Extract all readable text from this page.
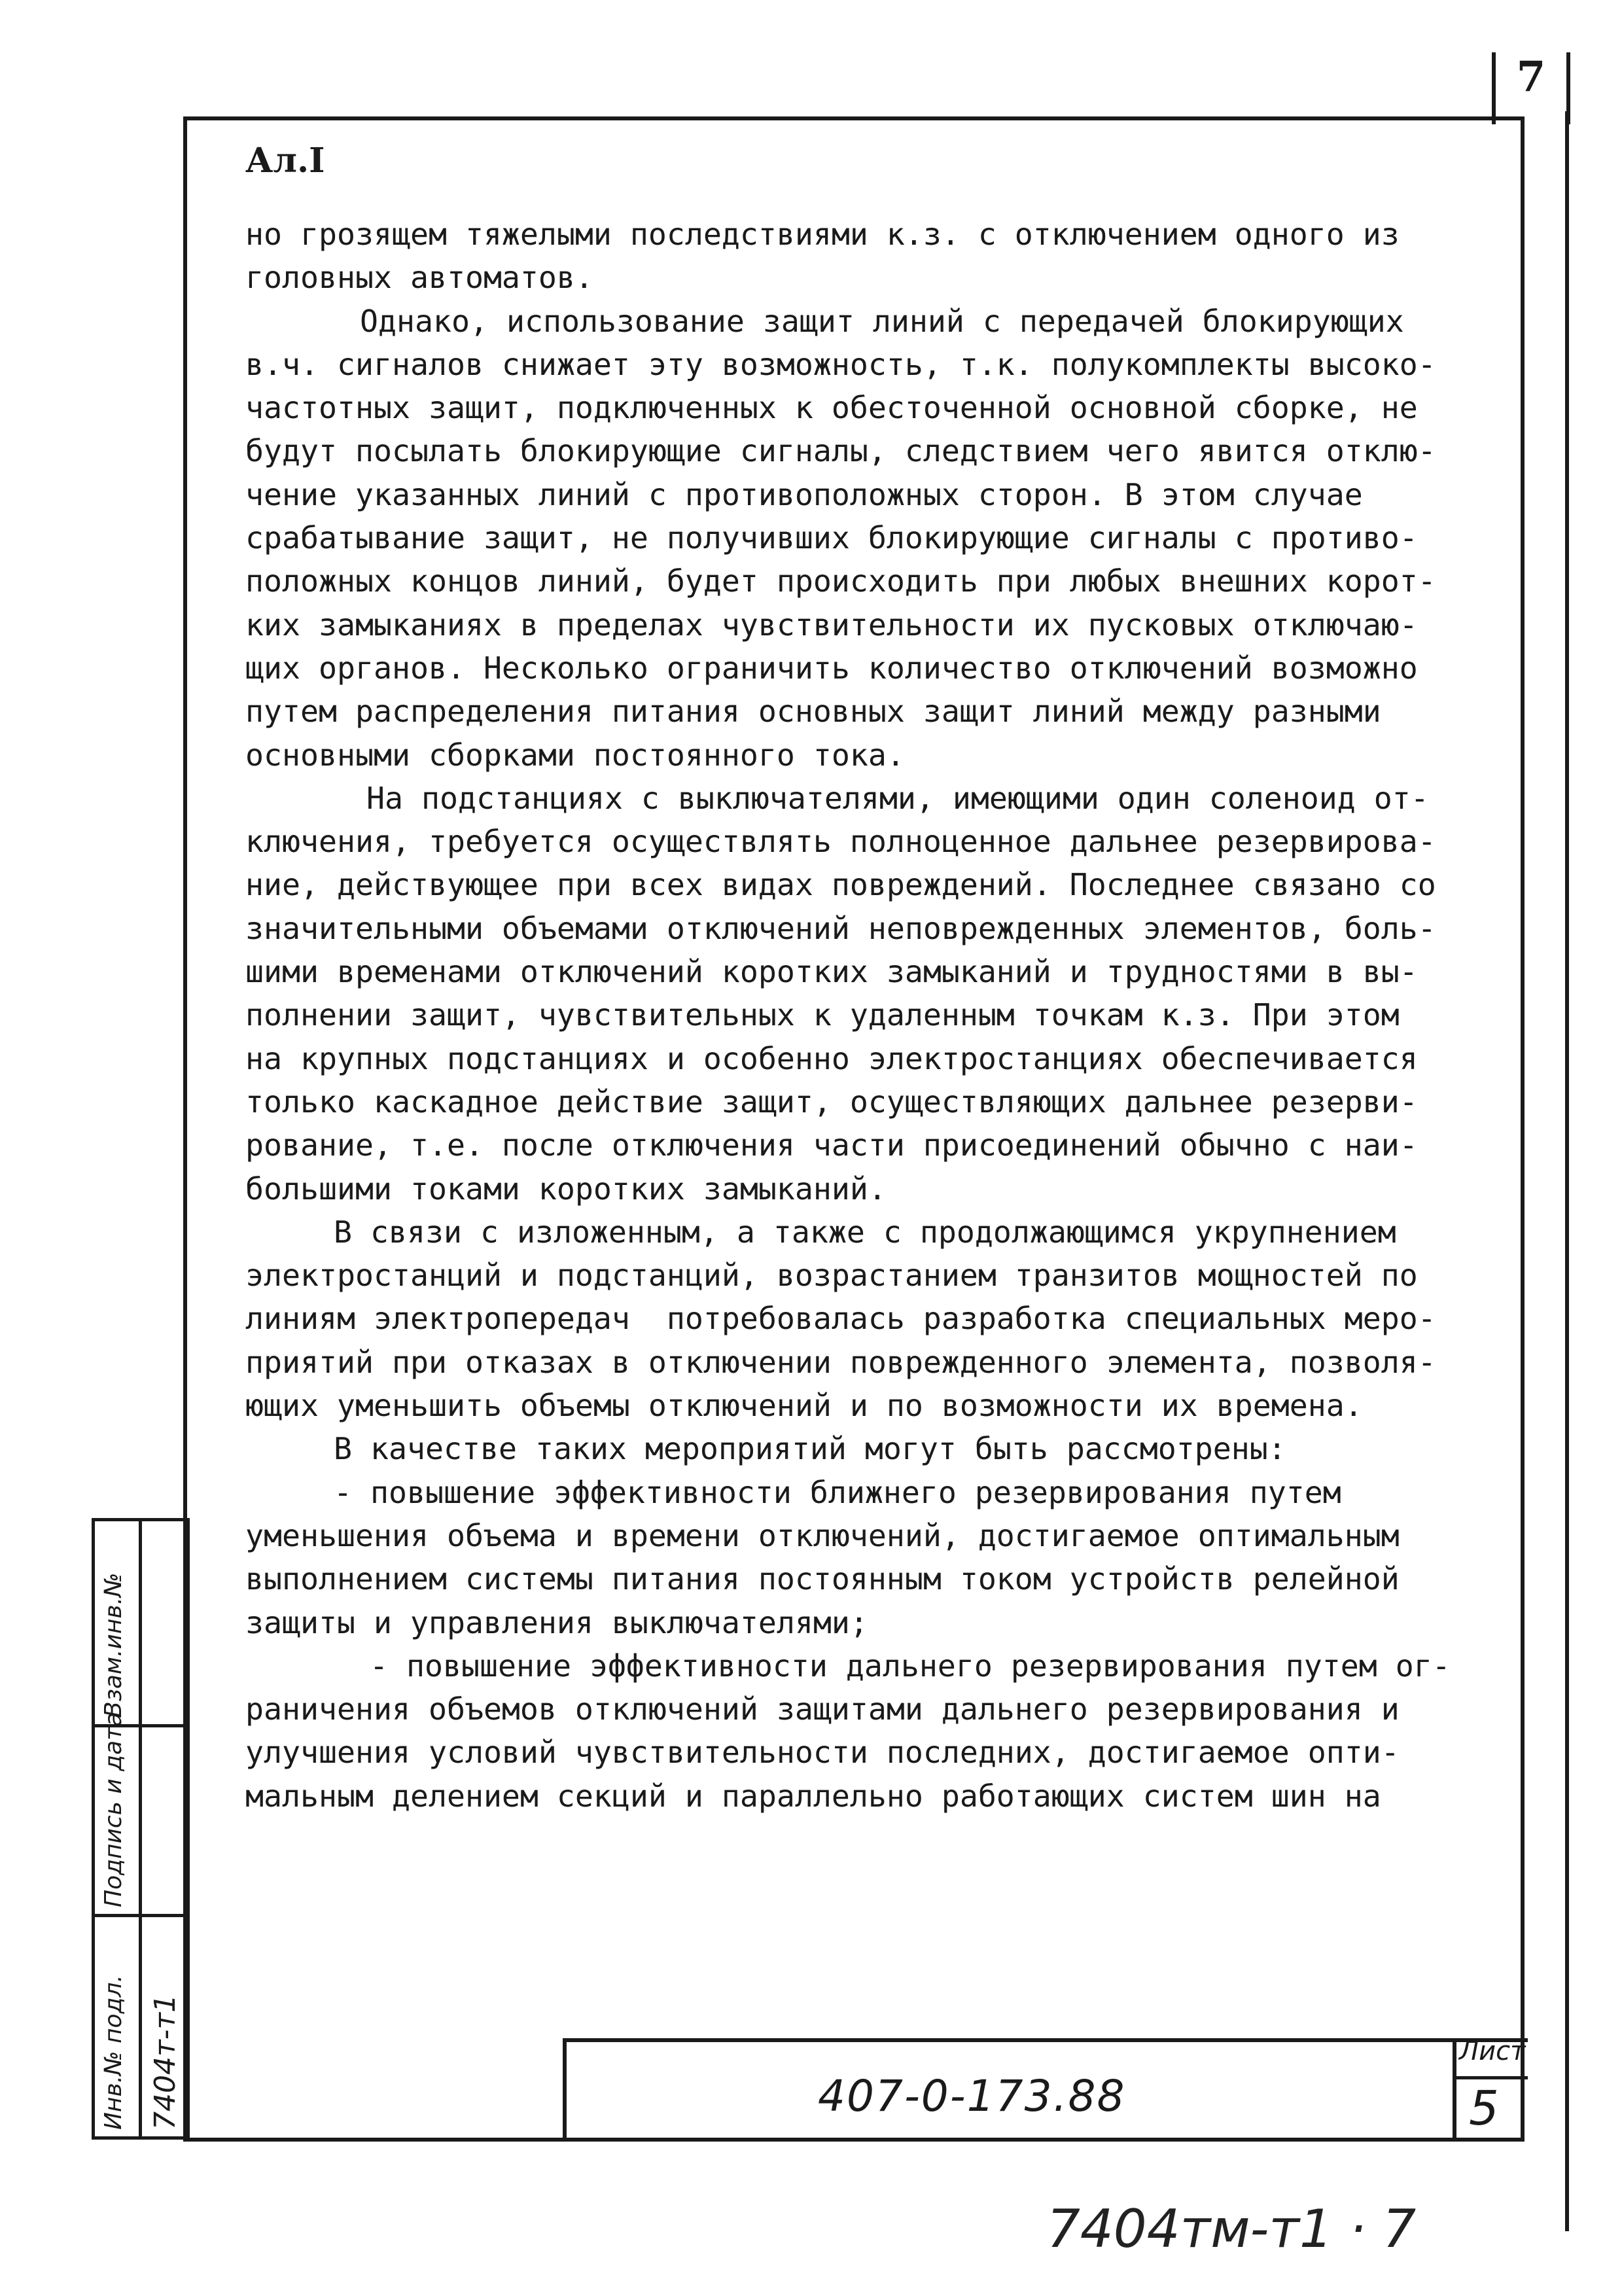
7
Ал.I
но грозящем тяжелыми последствиями к.з. с отключением одного из
головных автоматов.
Однако, использование защит линий с передачей блокирующих
в.ч. сигналов снижает эту возможность, т.к. полукомплекты высоко-
частотных защит, подключенных к обесточенной основной сборке, не
будут посылать блокирующие сигналы, следствием чего явится отклю-
чение указанных линий с противоположных сторон. В этом случае
срабатывание защит, не получивших блокирующие сигналы с противо-
положных концов линий, будет происходить при любых внешних корот-
ких замыканиях в пределах чувствительности их пусковых отключаю-
щих органов. Несколько ограничить количество отключений возможно
путем распределения питания основных защит линий между разными
основными сборками постоянного тока.
На подстанциях с выключателями, имеющими один соленоид от-
ключения, требуется осуществлять полноценное дальнее резервирова-
ние, действующее при всех видах повреждений. Последнее связано со
значительными объемами отключений неповрежденных элементов, боль-
шими временами отключений коротких замыканий и трудностями в вы-
полнении защит, чувствительных к удаленным точкам к.з. При этом
на крупных подстанциях и особенно электростанциях обеспечивается
только каскадное действие защит, осуществляющих дальнее резерви-
рование, т.е. после отключения части присоединений обычно с наи-
большими токами коротких замыканий.
В связи с изложенным, а также с продолжающимся укрупнением
электростанций и подстанций, возрастанием транзитов мощностей по
линиям электропередач  потребовалась разработка специальных меро-
приятий при отказах в отключении поврежденного элемента, позволя-
ющих уменьшить объемы отключений и по возможности их времена.
В качестве таких мероприятий могут быть рассмотрены:
- повышение эффективности ближнего резервирования путем
уменьшения объема и времени отключений, достигаемое оптимальным
выполнением системы питания постоянным током устройств релейной
защиты и управления выключателями;
- повышение эффективности дальнего резервирования путем ог-
раничения объемов отключений защитами дальнего резервирования и
улучшения условий чувствительности последних, достигаемое опти-
мальным делением секций и параллельно работающих систем шин на
Взам.инв.№
Подпись и дата
Инв.№ подл. 7404т-т1	407-0-173.88
Лист
5
7404тм-т1 · 7
